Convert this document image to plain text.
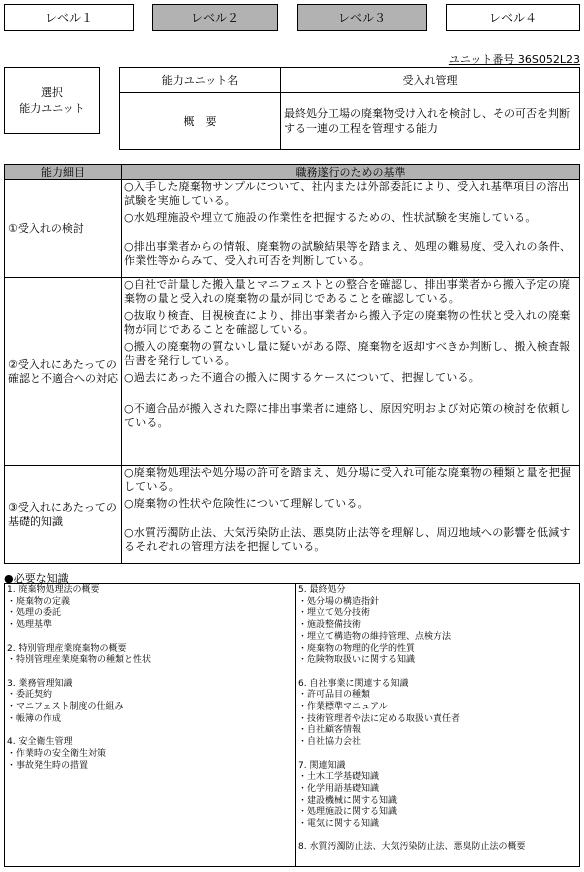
レベル１	レベル２	レベル３	レベル４
ユニット番号 36S052L23
選択
能力ユニット
能力ユニット名	受入れ管理
概　要	最終処分工場の廃棄物受け入れを検討し、その可否を判断する一連の工程を管理する能力
能力細目	職務遂行のための基準
①受入れの検討	○入手した廃棄物サンプルについて、社内または外部委託により、受入れ基準項目の溶出試験を実施している。

○水処理施設や埋立て施設の作業性を把握するための、性状試験を実施している。

○排出事業者からの情報、廃棄物の試験結果等を踏まえ、処理の難易度、受入れの条件、作業性等からみて、受入れ可否を判断している。

②受入れにあたっての確認と不適合への対応	○自社で計量した搬入量とマニフェストとの整合を確認し、排出事業者から搬入予定の廃棄物の量と受入れの廃棄物の量が同じであることを確認している。

○抜取り検査、目視検査により、排出事業者から搬入予定の廃棄物の性状と受入れの廃棄物が同じであることを確認している。

○搬入の廃棄物の質ないし量に疑いがある際、廃棄物を返却すべきか判断し、搬入検査報告書を発行している。

○過去にあった不適合の搬入に関するケースについて、把握している。

○不適合品が搬入された際に排出事業者に連絡し、原因究明および対応策の検討を依頼している。

③受入れにあたっての基礎的知識	○廃棄物処理法や処分場の許可を踏まえ、処分場に受入れ可能な廃棄物の種類と量を把握している。

○廃棄物の性状や危険性について理解している。

○水質汚濁防止法、大気汚染防止法、悪臭防止法等を理解し、周辺地域への影響を低減するそれぞれの管理方法を把握している。

●必要な知識
1. 廃棄物処理法の概要
・廃棄物の定義
・処理の委託
・処理基準
2. 特別管理産業廃棄物の概要
・特別管理産業廃棄物の種類と性状
3. 業務管理知識
・委託契約
・マニフェスト制度の仕組み
・帳簿の作成
4. 安全衛生管理
・作業時の安全衛生対策
・事故発生時の措置

5. 最終処分
・処分場の構造指針
・埋立て処分技術
・施設整備技術
・埋立て構造物の維持管理、点検方法
・廃棄物の物理的化学的性質
・危険物取扱いに関する知識
6. 自社事業に関連する知識
・許可品目の種類
・作業標準マニュアル
・技術管理者や法に定める取扱い責任者
・自社顧客情報
・自社協力会社
7. 関連知識
・土木工学基礎知識
・化学用語基礎知識
・建設機械に関する知識
・処理施設に関する知識
・電気に関する知識
8. 水質汚濁防止法、大気汚染防止法、悪臭防止法の概要
